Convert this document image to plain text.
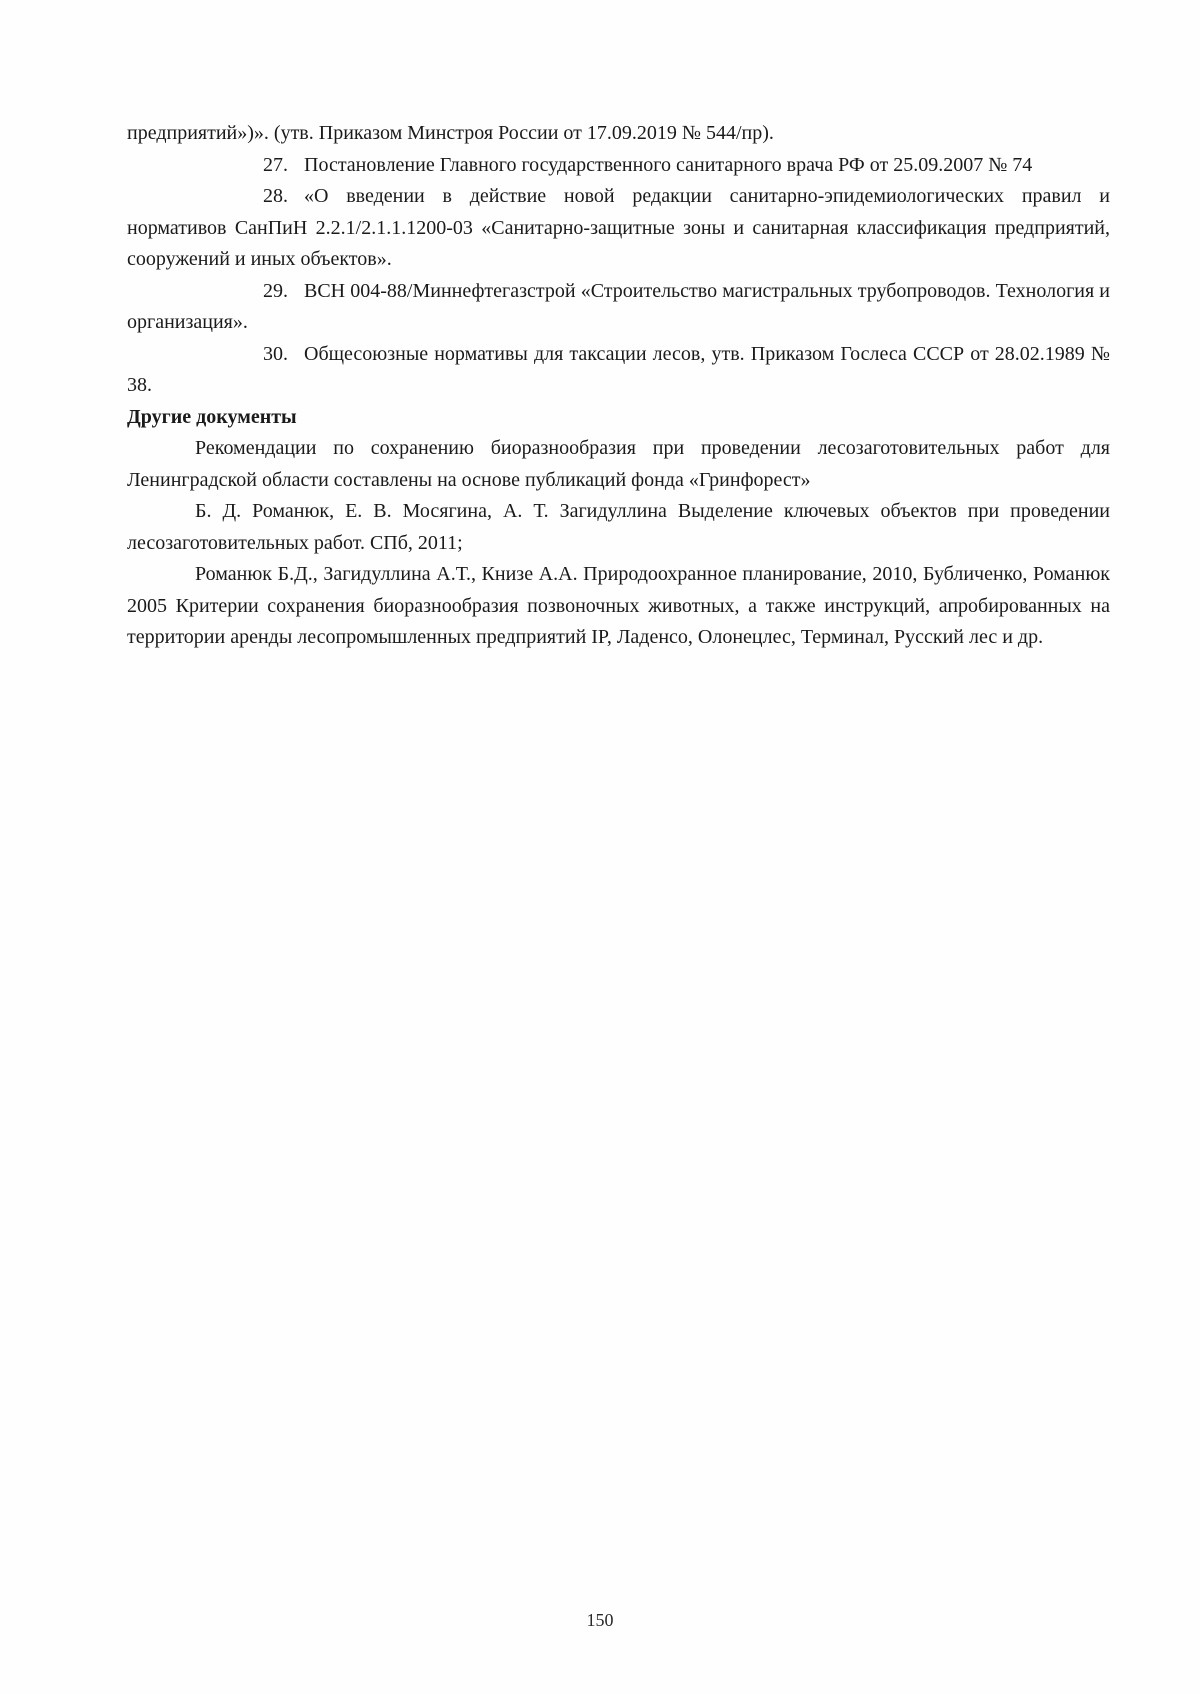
предприятий»)». (утв. Приказом Минстроя России от 17.09.2019 № 544/пр).

27. Постановление Главного государственного санитарного врача РФ от 25.09.2007 № 74

28. «О введении в действие новой редакции санитарно-эпидемиологических правил и нормативов СанПиН 2.2.1/2.1.1.1200-03 «Санитарно-защитные зоны и санитарная классификация предприятий, сооружений и иных объектов».

29. ВСН 004-88/Миннефтегазстрой «Строительство магистральных трубопроводов. Технология и организация».

30. Общесоюзные нормативы для таксации лесов, утв. Приказом Гослеса СССР от 28.02.1989 № 38.

Другие документы

Рекомендации по сохранению биоразнообразия при проведении лесозаготовительных работ для Ленинградской области составлены на основе публикаций фонда «Гринфорест»

Б. Д. Романюк, Е. В. Мосягина, А. Т. Загидуллина Выделение ключевых объектов при проведении лесозаготовительных работ. СПб, 2011;

Романюк Б.Д., Загидуллина А.Т., Книзе А.А. Природоохранное планирование, 2010, Бубличенко, Романюк 2005 Критерии сохранения биоразнообразия позвоночных животных, а также инструкций, апробированных на территории аренды лесопромышленных предприятий IP, Ладенсо, Олонецлес, Терминал, Русский лес и др.

150
